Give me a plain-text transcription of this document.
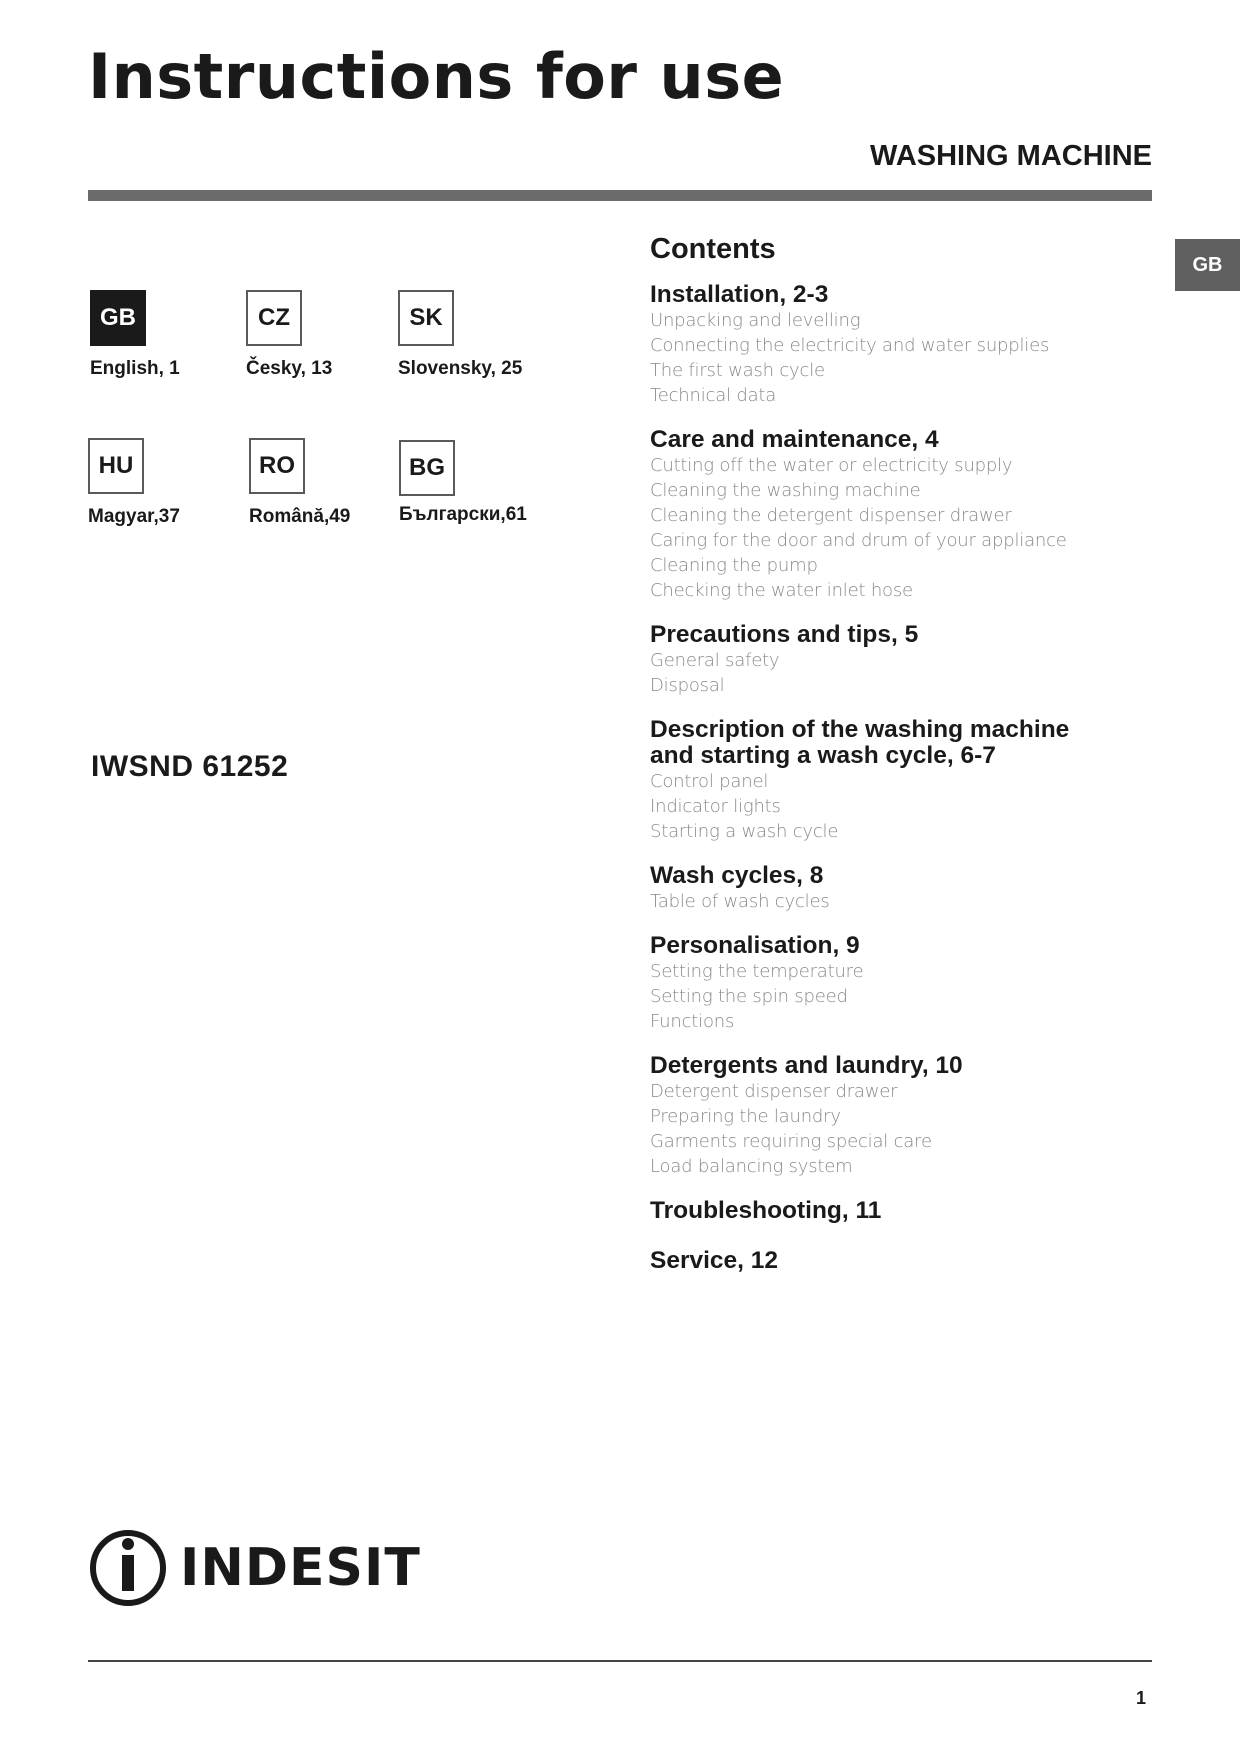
Instructions for use
WASHING MACHINE
GB
GB
English, 1
CZ
Česky, 13
SK
Slovensky, 25
HU
Magyar,37
RO
Română,49
BG
Български,61
IWSND 61252
Contents

Installation, 2-3

Unpacking and levelling

Connecting the electricity and water supplies

The first wash cycle

Technical data

Care and maintenance, 4

Cutting off the water or electricity supply

Cleaning the washing machine

Cleaning the detergent dispenser drawer

Caring for the door and drum of your appliance

Cleaning the pump

Checking the water inlet hose

Precautions and tips, 5

General safety

Disposal

Description of the washing machine

and starting a wash cycle, 6-7

Control panel

Indicator lights

Starting a wash cycle

Wash cycles, 8

Table of wash cycles

Personalisation, 9

Setting the temperature

Setting the spin speed

Functions

Detergents and laundry, 10

Detergent dispenser drawer

Preparing the laundry

Garments requiring special care

Load balancing system

Troubleshooting, 11

Service, 12

INDESIT
1
